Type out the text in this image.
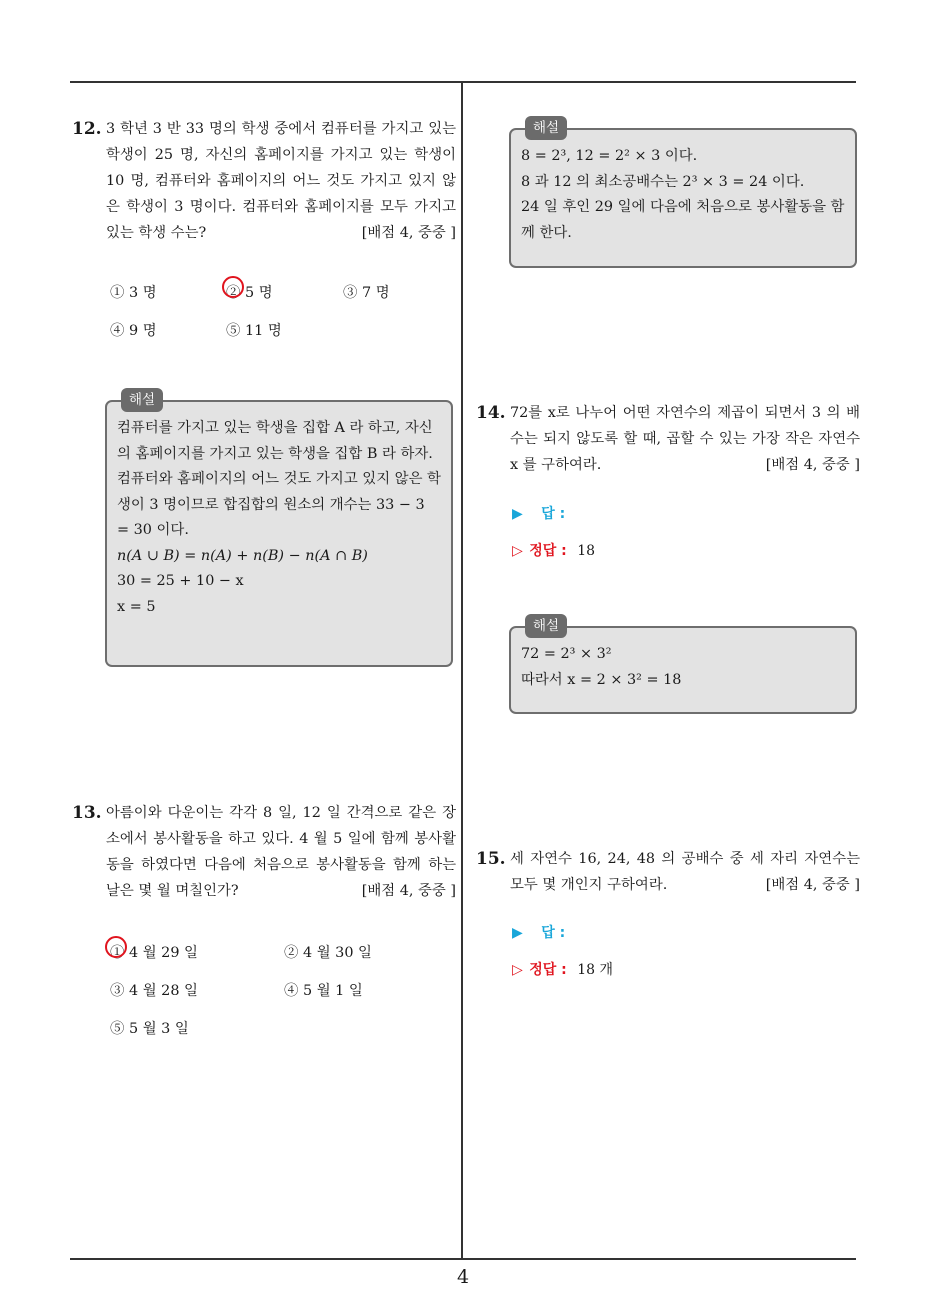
12. 3 학년 3 반 33 명의 학생 중에서 컴퓨터를 가지고 있는 학생이 25 명, 자신의 홈페이지를 가지고 있는 학생이 10 명, 컴퓨터와 홈페이지의 어느 것도 가지고 있지 않은 학생이 3 명이다. 컴퓨터와 홈페이지를 모두 가지고 있는 학생 수는?	[배점 4, 중중 ]
① 3 명	② 5 명	③ 7 명
④ 9 명	⑤ 11 명
해설
컴퓨터를 가지고 있는 학생을 집합 A 라 하고, 자신의 홈페이지를 가지고 있는 학생을 집합 B 라 하자.
컴퓨터와 홈페이지의 어느 것도 가지고 있지 않은 학생이 3 명이므로 합집합의 원소의 개수는 33 − 3 = 30 이다.
n(A ∪ B) = n(A) + n(B) − n(A ∩ B)
30 = 25 + 10 − x
x = 5
13. 아름이와 다운이는 각각 8 일, 12 일 간격으로 같은 장소에서 봉사활동을 하고 있다. 4 월 5 일에 함께 봉사활동을 하였다면 다음에 처음으로 봉사활동을 함께 하는 날은 몇 월 며칠인가?	[배점 4, 중중 ]
① 4 월 29 일	② 4 월 30 일
③ 4 월 28 일	④ 5 월 1 일
⑤ 5 월 3 일
해설
8 = 2³, 12 = 2² × 3 이다.
8 과 12 의 최소공배수는 2³ × 3 = 24 이다.
24 일 후인 29 일에 다음에 처음으로 봉사활동을 함께 한다.
14. 72를 x로 나누어 어떤 자연수의 제곱이 되면서 3 의 배수는 되지 않도록 할 때, 곱할 수 있는 가장 작은 자연수 x 를 구하여라.	[배점 4, 중중 ]
▶ 답 :
▷ 정답 : 18
해설
72 = 2³ × 3²
따라서 x = 2 × 3² = 18
15. 세 자연수 16, 24, 48 의 공배수 중 세 자리 자연수는 모두 몇 개인지 구하여라.	[배점 4, 중중 ]
▶ 답 :
▷ 정답 : 18 개
4
